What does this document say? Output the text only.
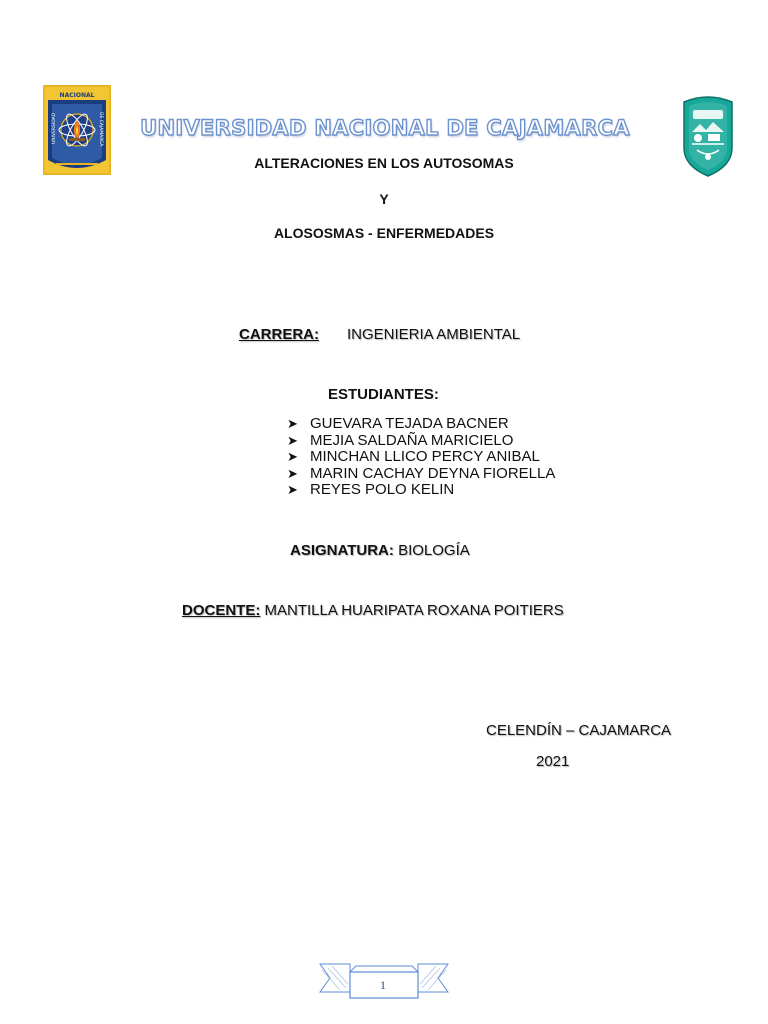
NACIONAL
UNIVERSIDAD	DE CAJAMARCA	UNIVERSIDAD NACIONAL DE CAJAMARCA
ALTERACIONES EN LOS AUTOSOMAS
Y
ALOSOSMAS - ENFERMEDADES
CARRERA: INGENIERIA AMBIENTAL
ESTUDIANTES:
➤ GUEVARA TEJADA BACNER
➤ MEJIA SALDAÑA MARICIELO
➤ MINCHAN LLICO PERCY ANIBAL
➤ MARIN CACHAY DEYNA FIORELLA
➤ REYES POLO KELIN
ASIGNATURA: BIOLOGÍA
DOCENTE: MANTILLA HUARIPATA ROXANA POITIERS
CELENDÍN – CAJAMARCA
2021
1
